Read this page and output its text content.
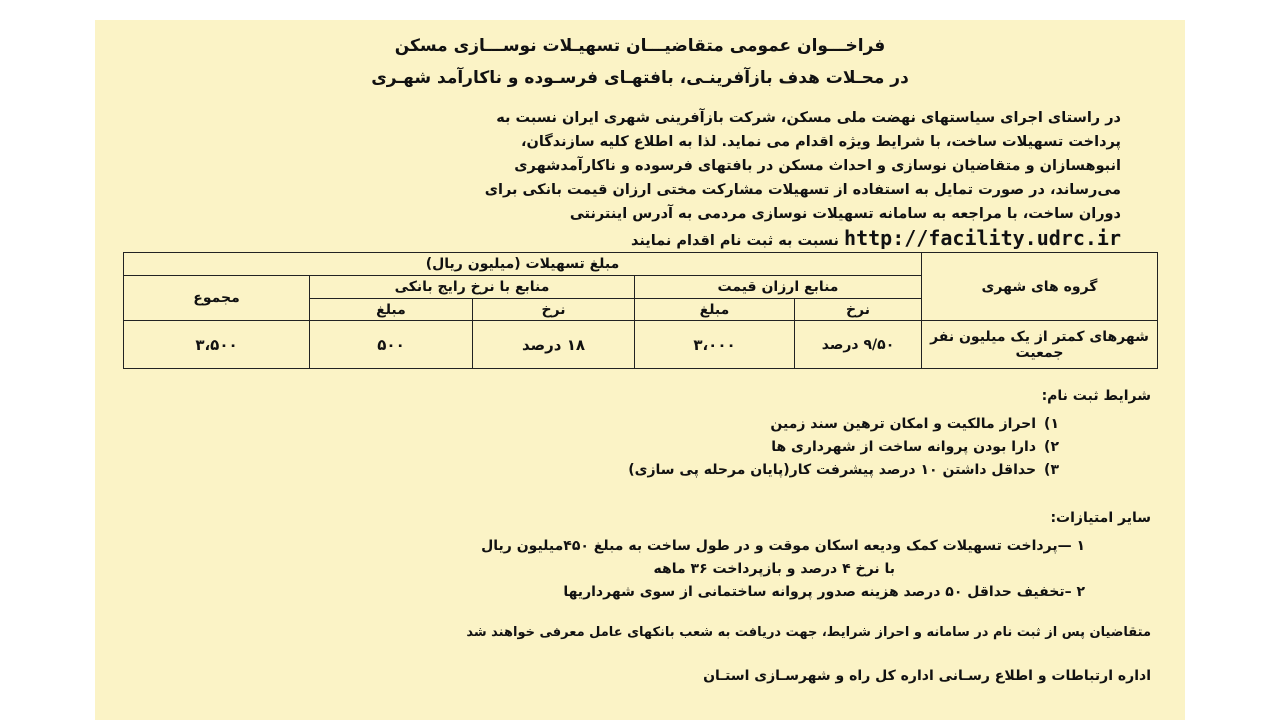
فراخـــوان عمومی متقاضیـــان تسهیـلات نوســـازی مسکن
در محـلات هدف بازآفرینـی، بافتهـای فرسـوده و ناکارآمد شهـری
در راستای اجرای سیاستهای نهضت ملی مسکن، شرکت بازآفرینی شهری ایران نسبت به
پرداخت تسهیلات ساخت، با شرایط ویژه اقدام می نماید. لذا به اطلاع کلیه سازندگان،
انبوهسازان و متقاضیان نوسازی و احداث مسکن در بافتهای فرسوده و ناکارآمدشهری
می‌رساند، در صورت تمایل به استفاده از تسهیلات مشارکت مختی ارزان قیمت بانکی برای
دوران ساخت، با مراجعه به سامانه تسهیلات نوسازی مردمی به آدرس اینترنتی
http://facility.udrc.ir نسبت به ثبت نام اقدام نمایند
گروه های شهری	مبلغ تسهیلات (میلیون ریال)				
	منابع ارزان قیمت		منابع با نرخ رایج بانکی		مجموع
	نرخ	مبلغ	نرخ	مبلغ	
شهرهای کمتر از یک میلیون نفر جمعیت	۹/۵۰ درصد	۳،۰۰۰	۱۸ درصد	۵۰۰	۳،۵۰۰
شرایط ثبت نام:
۱)احراز مالکیت و امکان ترهین سند زمین
۲)دارا بودن پروانه ساخت از شهرداری ها
۳)حداقل داشتن ۱۰ درصد پیشرفت کار(پایان مرحله پی سازی)
سایر امتیازات:
۱ —پرداخت تسهیلات کمک ودیعه اسکان موقت و در طول ساخت به مبلغ ۴۵۰میلیون ریال
با نرخ ۴ درصد و بازپرداخت ۳۶ ماهه
۲ –تخفیف حداقل ۵۰ درصد هزینه صدور پروانه ساختمانی از سوی شهرداریها
متقاضیان پس از ثبت نام در سامانه و احراز شرایط، جهت دریافت به شعب بانکهای عامل معرفی خواهند شد
اداره ارتباطات و اطلاع رسـانی اداره کل راه و شهرسـازی استـان
